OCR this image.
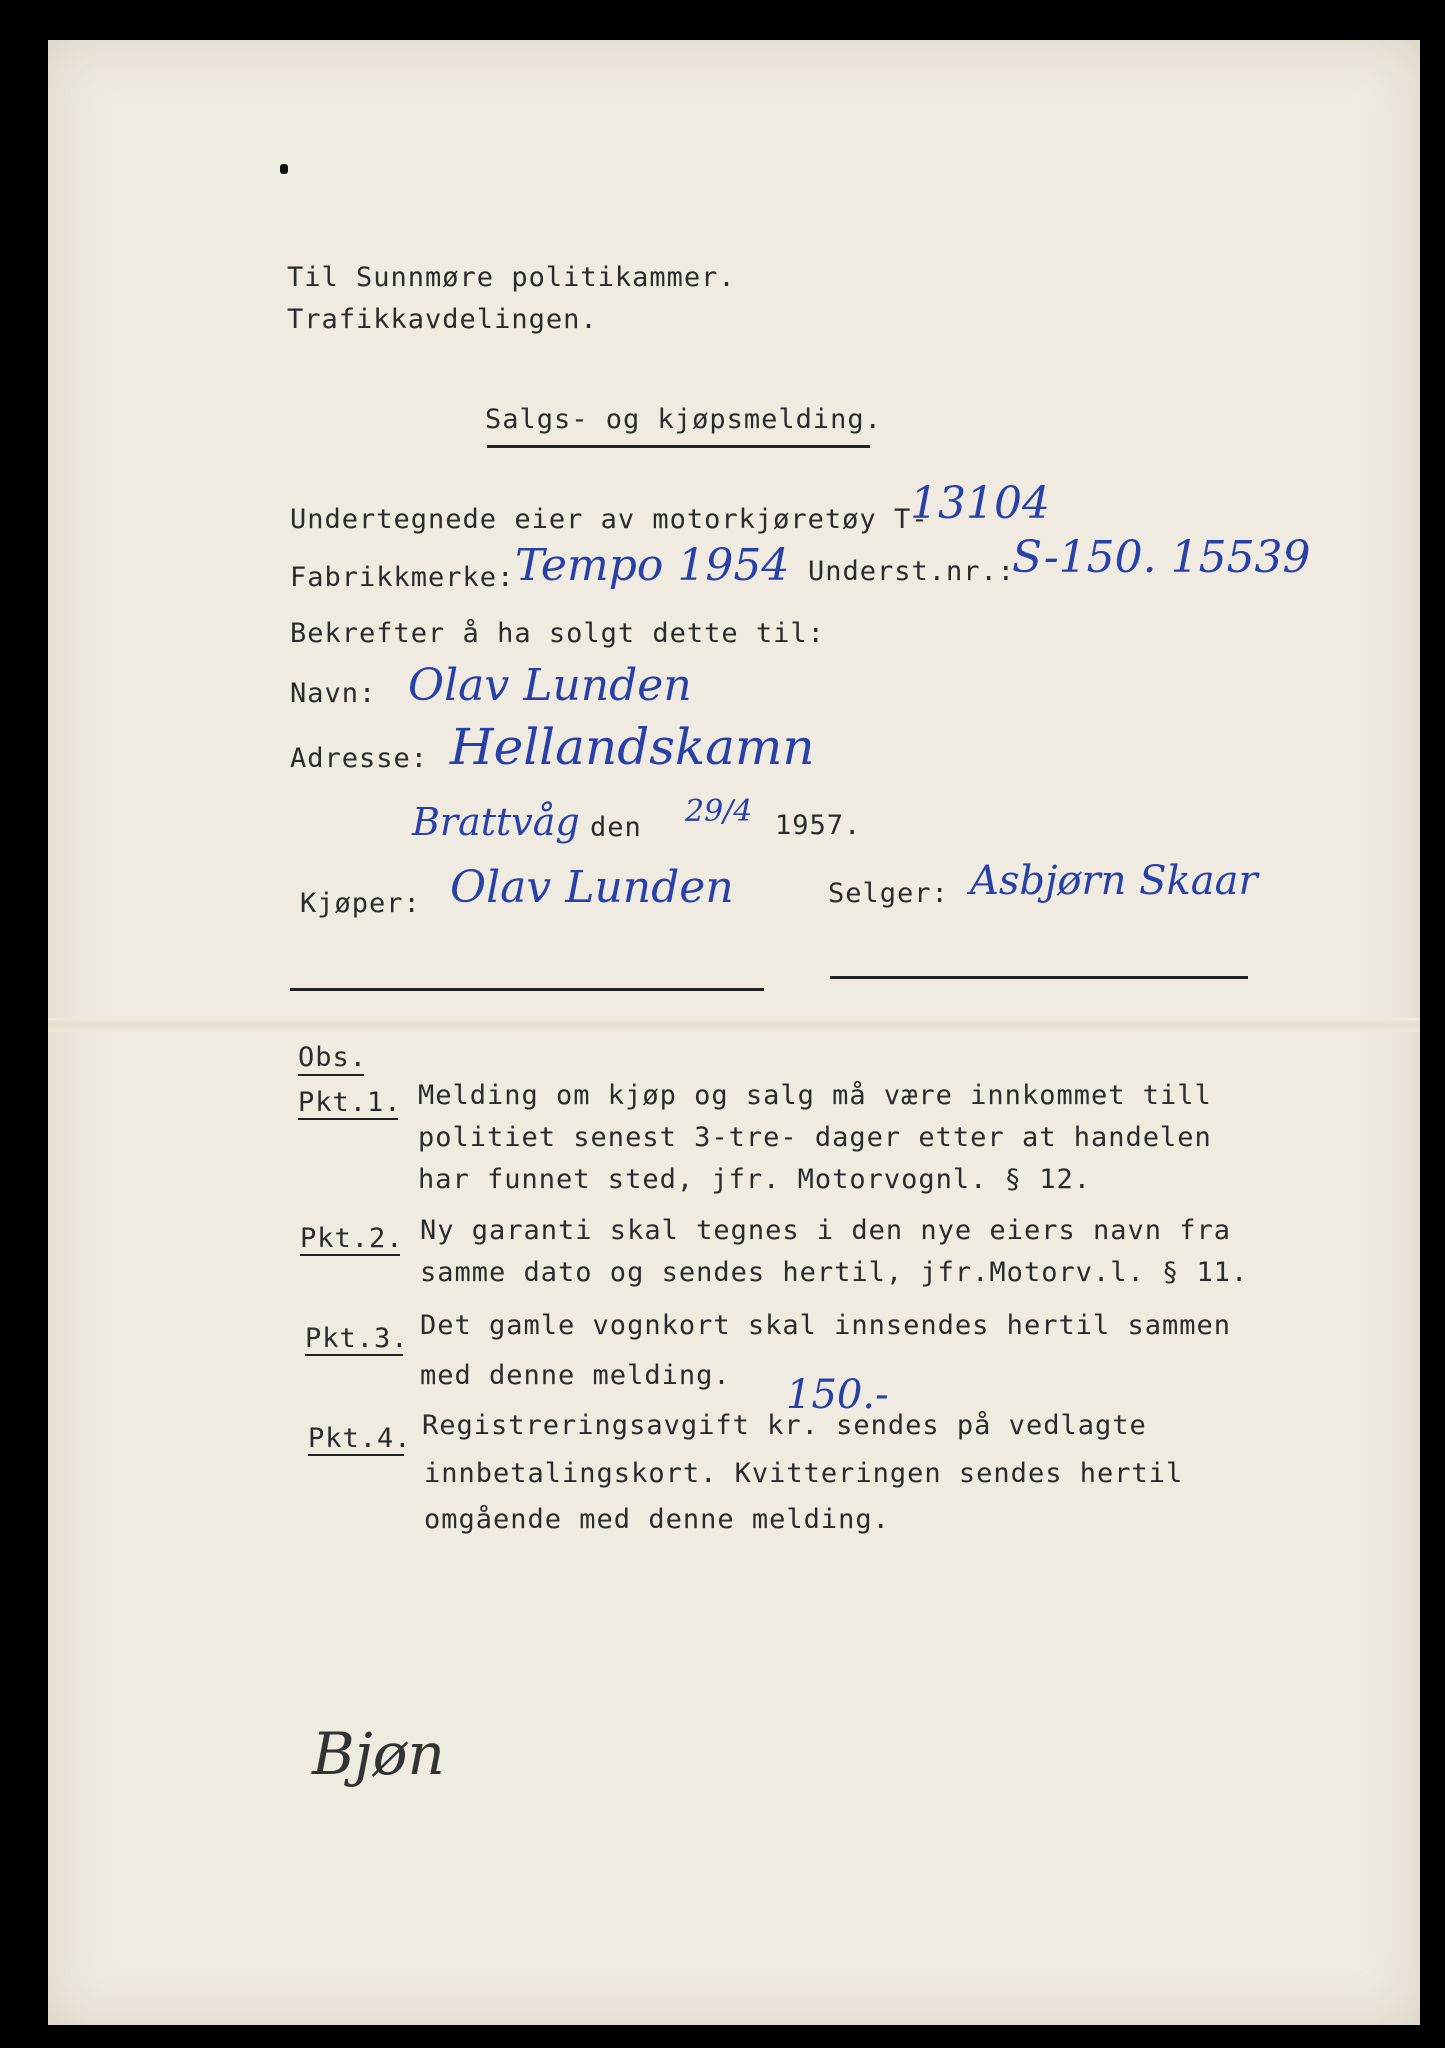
Til Sunnmøre politikammer.
Trafikkavdelingen.
Salgs- og kjøpsmelding.
Undertegnede eier av motorkjøretøy T-
13104
Fabrikkmerke: Tempo 1954 Underst.nr.:
S-150. 15539
Bekrefter å ha solgt dette til:
Navn: Olav Lunden
Adresse: Hellandskamn
Brattvåg den 29/4 1957.
Kjøper: Olav Lunden	Selger: Asbjørn Skaar
Obs.
Pkt.1. Melding om kjøp og salg må være innkommet till
politiet senest 3-tre- dager etter at handelen
har funnet sted, jfr. Motorvognl. § 12.
Pkt.2. Ny garanti skal tegnes i den nye eiers navn fra
samme dato og sendes hertil, jfr.Motorv.l. § 11.
Pkt.3. Det gamle vognkort skal innsendes hertil sammen
med denne melding.
Pkt.4. Registreringsavgift kr. sendes på vedlagte
150.-
innbetalingskort. Kvitteringen sendes hertil
omgående med denne melding.
Bjøn
